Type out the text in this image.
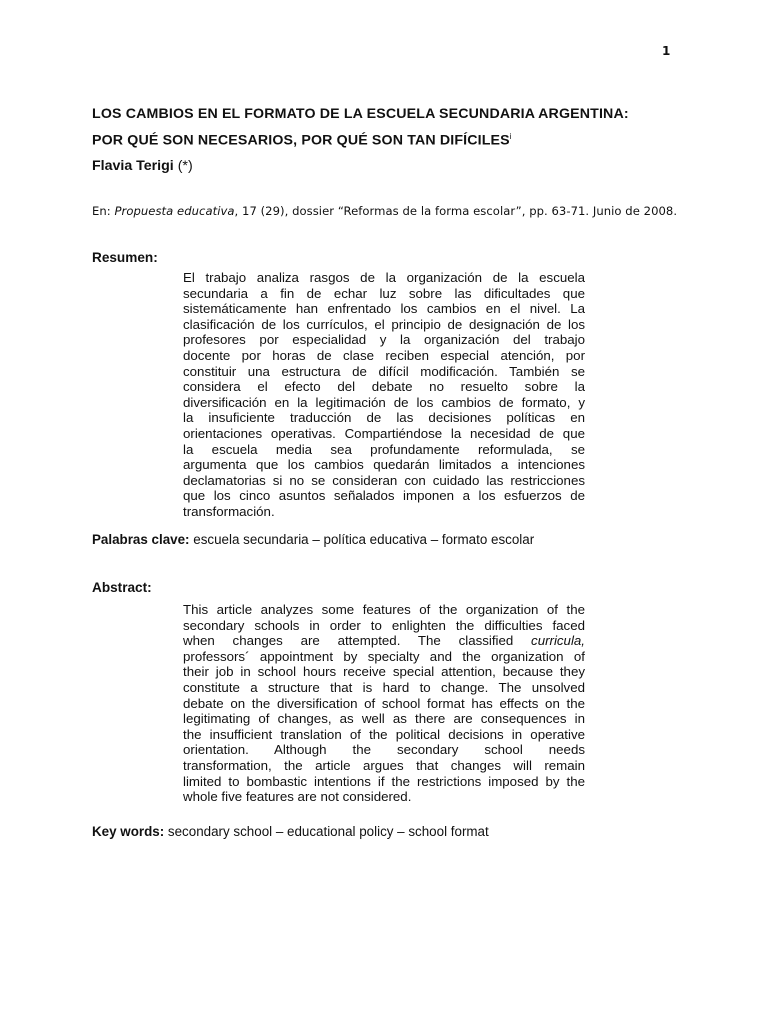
1
LOS CAMBIOS EN EL FORMATO DE LA ESCUELA SECUNDARIA ARGENTINA:
POR QUÉ SON NECESARIOS, POR QUÉ SON TAN DIFÍCILES$^i$
Flavia Terigi (*)
En: Propuesta educativa, 17 (29), dossier “Reformas de la forma escolar”, pp. 63-71. Junio de 2008.
Resumen:
El trabajo analiza rasgos de la organización de la escuela
secundaria a fin de echar luz sobre las dificultades que
sistemáticamente han enfrentado los cambios en el nivel. La
clasificación de los currículos, el principio de designación de los
profesores por especialidad y la organización del trabajo
docente por horas de clase reciben especial atención, por
constituir una estructura de difícil modificación. También se
considera el efecto del debate no resuelto sobre la
diversificación en la legitimación de los cambios de formato, y
la insuficiente traducción de las decisiones políticas en
orientaciones operativas. Compartiéndose la necesidad de que
la escuela media sea profundamente reformulada, se
argumenta que los cambios quedarán limitados a intenciones
declamatorias si no se consideran con cuidado las restricciones
que los cinco asuntos señalados imponen a los esfuerzos de
transformación.
Palabras clave: escuela secundaria – política educativa – formato escolar
Abstract:
This article analyzes some features of the organization of the
secondary schools in order to enlighten the difficulties faced
when changes are attempted. The classified curricula,
professors´ appointment by specialty and the organization of
their job in school hours receive special attention, because they
constitute a structure that is hard to change. The unsolved
debate on the diversification of school format has effects on the
legitimating of changes, as well as there are consequences in
the insufficient translation of the political decisions in operative
orientation. Although the secondary school needs
transformation, the article argues that changes will remain
limited to bombastic intentions if the restrictions imposed by the
whole five features are not considered.
Key words: secondary school – educational policy – school format
